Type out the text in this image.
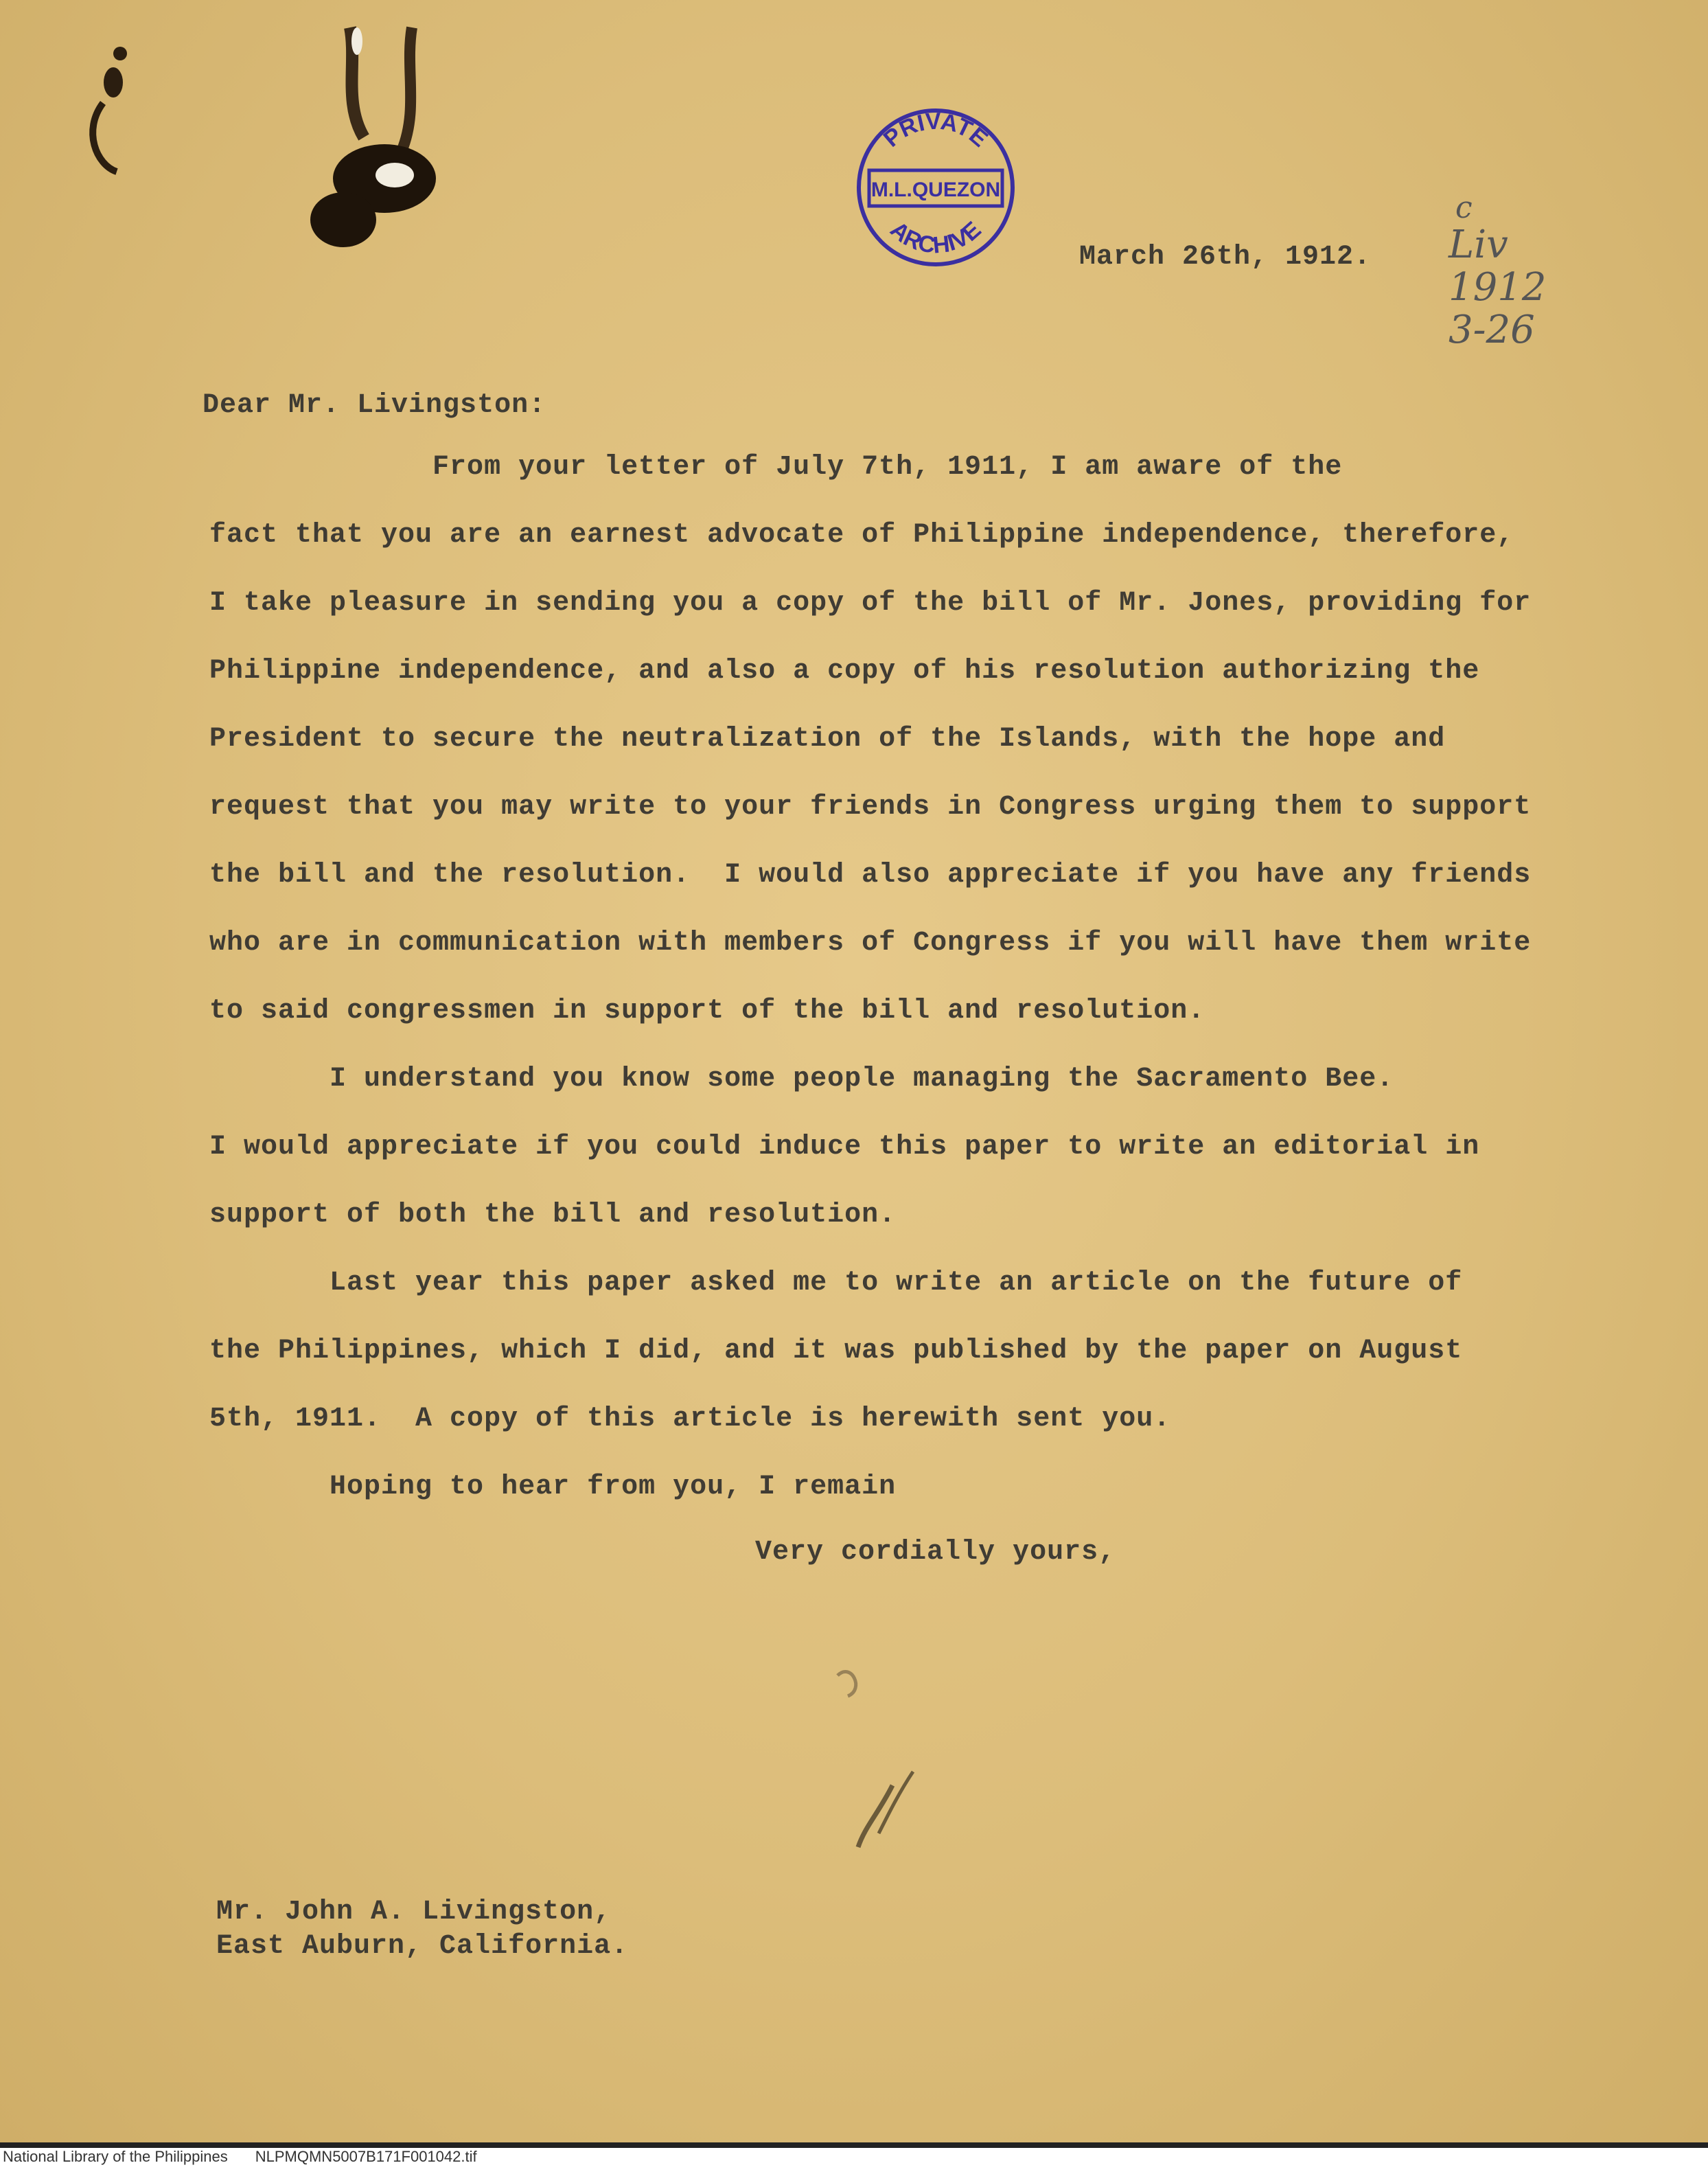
PRIVATE
M.L.QUEZON
ARCHIVE
March 26th, 1912.
c
Liv
1912
3-26
Dear Mr. Livingston:

From your letter of July 7th, 1911, I am aware of the

fact that you are an earnest advocate of Philippine independence, therefore,

I take pleasure in sending you a copy of the bill of Mr. Jones, providing for

Philippine independence, and also a copy of his resolution authorizing the

President to secure the neutralization of the Islands, with the hope and

request that you may write to your friends in Congress urging them to support

the bill and the resolution.  I would also appreciate if you have any friends

who are in communication with members of Congress if you will have them write

to said congressmen in support of the bill and resolution.

I understand you know some people managing the Sacramento Bee.

I would appreciate if you could induce this paper to write an editorial in

support of both the bill and resolution.

Last year this paper asked me to write an article on the future of

the Philippines, which I did, and it was published by the paper on August

5th, 1911.  A copy of this article is herewith sent you.

Hoping to hear from you, I remain

Very cordially yours,
Mr. John A. Livingston,
East Auburn, California.
National Library of the Philippines NLPMQMN5007B171F001042.tif
